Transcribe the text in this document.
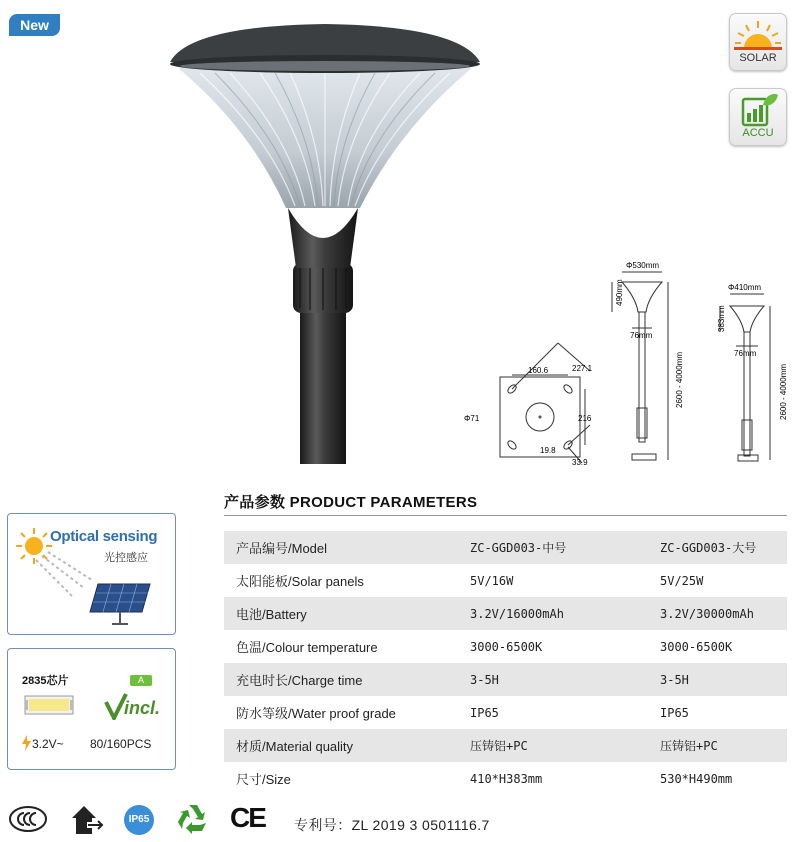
New
SOLAR
ACCU
160.6	227.1
216
Φ71
19.8
33.9
Φ530mm
490mm
76mm
2600 - 4000mm
Φ410mm
383mm
76mm
2600 - 4000mm
产品参数 PRODUCT PARAMETERS
产品编号/Model	ZC-GGD003-中号	ZC-GGD003-大号
太阳能板/Solar panels	5V/16W	5V/25W
电池/Battery	3.2V/16000mAh	3.2V/30000mAh
色温/Colour temperature	3000-6500K	3000-6500K
充电时长/Charge time	3-5H	3-5H
防水等级/Water proof grade	IP65	IP65
材质/Material quality	压铸铝+PC	压铸铝+PC
尺寸/Size	410*H383mm	530*H490mm
Optical sensing
光控感应
2835芯片	A
incl.
3.2V~ 80/160PCS
IP65	CE 专利号：ZL 2019 3 0501116.7
